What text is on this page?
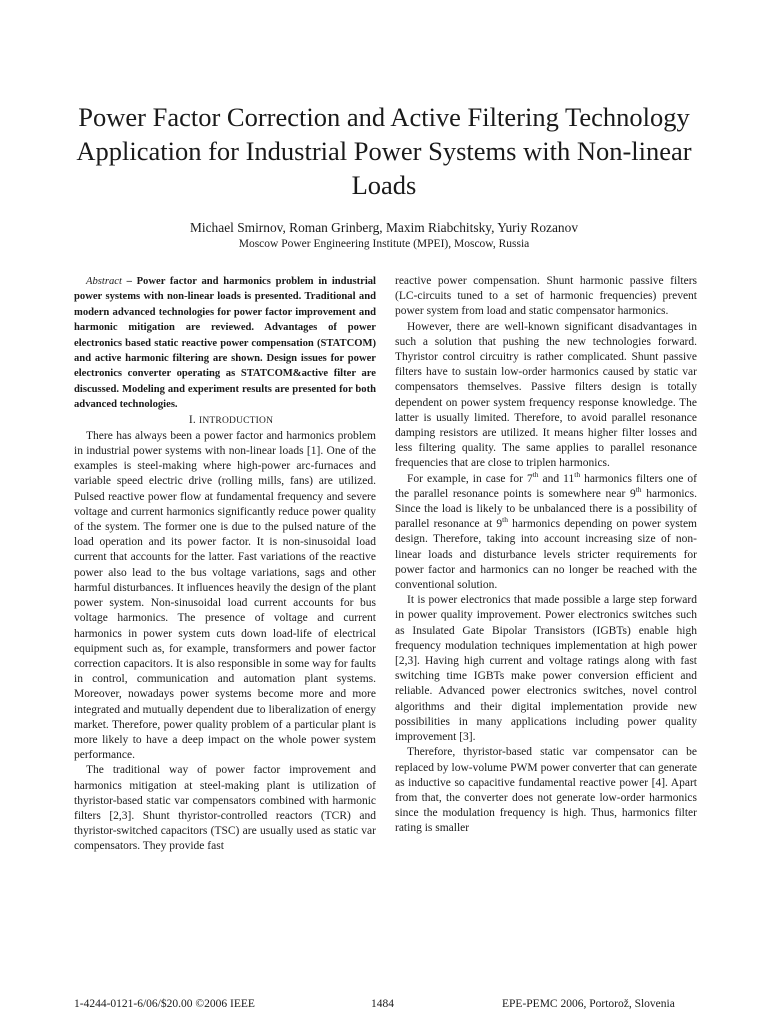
Power Factor Correction and Active Filtering Technology Application for Industrial Power Systems with Non-linear Loads
Michael Smirnov, Roman Grinberg, Maxim Riabchitsky, Yuriy Rozanov
Moscow Power Engineering Institute (MPEI), Moscow, Russia

Abstract – Power factor and harmonics problem in industrial power systems with non-linear loads is presented. Traditional and modern advanced technologies for power factor improvement and harmonic mitigation are reviewed. Advantages of power electronics based static reactive power compensation (STATCOM) and active harmonic filtering are shown. Design issues for power electronics converter operating as STATCOM&active filter are discussed. Modeling and experiment results are presented for both advanced technologies.

I. INTRODUCTION

There has always been a power factor and harmonics problem in industrial power systems with non-linear loads [1]. One of the examples is steel-making where high-power arc-furnaces and variable speed electric drive (rolling mills, fans) are utilized. Pulsed reactive power flow at fundamental frequency and severe voltage and current harmonics significantly reduce power quality of the system. The former one is due to the pulsed nature of the load operation and its power factor. It is non-sinusoidal load current that accounts for the latter. Fast variations of the reactive power also lead to the bus voltage variations, sags and other harmful disturbances. It influences heavily the design of the plant power system. Non-sinusoidal load current accounts for bus voltage harmonics. The presence of voltage and current harmonics in power system cuts down load-life of electrical equipment such as, for example, transformers and power factor correction capacitors. It is also responsible in some way for faults in control, communication and automation plant systems. Moreover, nowadays power systems become more and more integrated and mutually dependent due to liberalization of energy market. Therefore, power quality problem of a particular plant is more likely to have a deep impact on the whole power system performance.

The traditional way of power factor improvement and harmonics mitigation at steel-making plant is utilization of thyristor-based static var compensators combined with harmonic filters [2,3]. Shunt thyristor-controlled reactors (TCR) and thyristor-switched capacitors (TSC) are usually used as static var compensators. They provide fast

reactive power compensation. Shunt harmonic passive filters (LC-circuits tuned to a set of harmonic frequencies) prevent power system from load and static compensator harmonics.

However, there are well-known significant disadvantages in such a solution that pushing the new technologies forward. Thyristor control circuitry is rather complicated. Shunt passive filters have to sustain low-order harmonics caused by static var compensators themselves. Passive filters design is totally dependent on power system frequency response knowledge. The latter is usually limited. Therefore, to avoid parallel resonance damping resistors are utilized. It means higher filter losses and less filtering quality. The same applies to parallel resonance frequencies that are close to triplen harmonics.

For example, in case for 7th and 11th harmonics filters one of the parallel resonance points is somewhere near 9th harmonics. Since the load is likely to be unbalanced there is a possibility of parallel resonance at 9th harmonics depending on power system design. Therefore, taking into account increasing size of non-linear loads and disturbance levels stricter requirements for power factor and harmonics can no longer be reached with the conventional solution.

It is power electronics that made possible a large step forward in power quality improvement. Power electronics switches such as Insulated Gate Bipolar Transistors (IGBTs) enable high frequency modulation techniques implementation at high power [2,3]. Having high current and voltage ratings along with fast switching time IGBTs make power conversion efficient and reliable. Advanced power electronics switches, novel control algorithms and their digital implementation provide new possibilities in many applications including power quality improvement [3].

Therefore, thyristor-based static var compensator can be replaced by low-volume PWM power converter that can generate as inductive so capacitive fundamental reactive power [4]. Apart from that, the converter does not generate low-order harmonics since the modulation frequency is high. Thus, harmonics filter rating is smaller

1-4244-0121-6/06/$20.00 ©2006 IEEE	1484	EPE-PEMC 2006, Portorož, Slovenia
